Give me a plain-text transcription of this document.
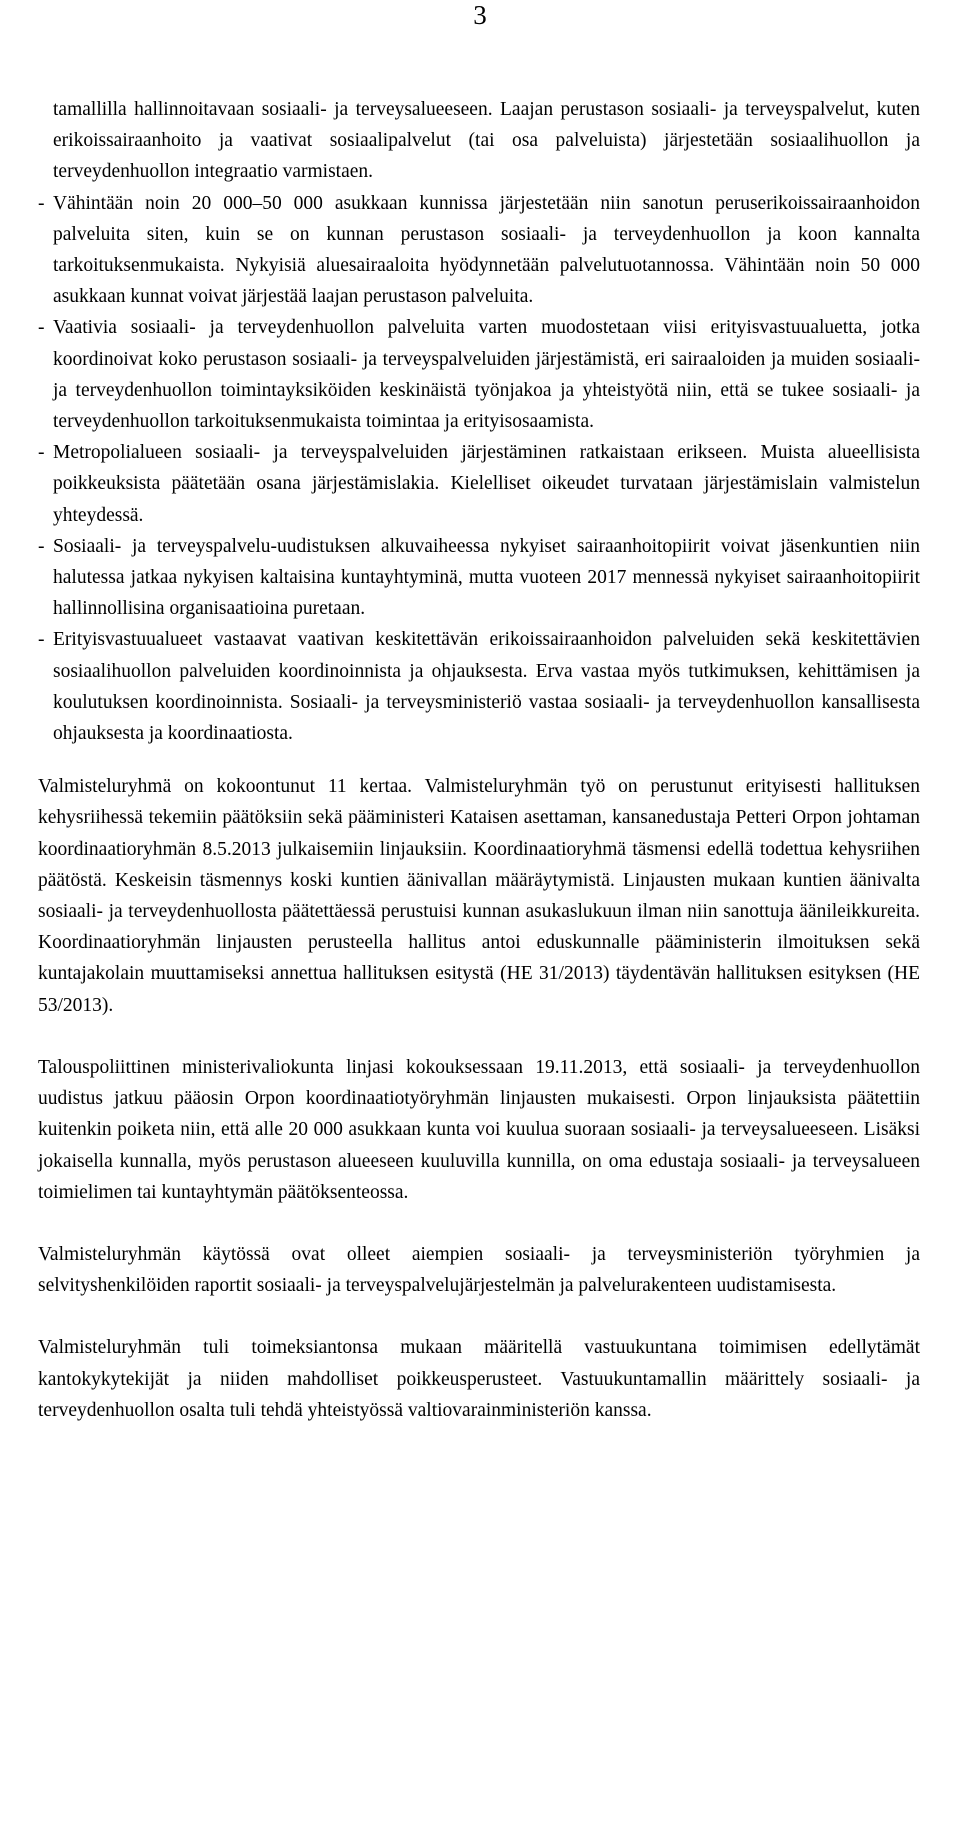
3

tamallilla hallinnoitavaan sosiaali- ja terveysalueeseen. Laajan perustason sosiaali- ja terveyspalvelut, kuten erikoissairaanhoito ja vaativat sosiaalipalvelut (tai osa palveluista) järjestetään sosiaalihuollon ja terveydenhuollon integraatio varmistaen.

- Vähintään noin 20 000–50 000 asukkaan kunnissa järjestetään niin sanotun peruserikoissairaanhoidon palveluita siten, kuin se on kunnan perustason sosiaali- ja terveydenhuollon ja koon kannalta tarkoituksenmukaista. Nykyisiä aluesairaaloita hyödynnetään palvelutuotannossa. Vähintään noin 50 000 asukkaan kunnat voivat järjestää laajan perustason palveluita.
- Vaativia sosiaali- ja terveydenhuollon palveluita varten muodostetaan viisi erityisvastuualuetta, jotka koordinoivat koko perustason sosiaali- ja terveyspalveluiden järjestämistä, eri sairaaloiden ja muiden sosiaali- ja terveydenhuollon toimintayksiköiden keskinäistä työnjakoa ja yhteistyötä niin, että se tukee sosiaali- ja terveydenhuollon tarkoituksenmukaista toimintaa ja erityisosaamista.
- Metropolialueen sosiaali- ja terveyspalveluiden järjestäminen ratkaistaan erikseen. Muista alueellisista poikkeuksista päätetään osana järjestämislakia. Kielelliset oikeudet turvataan järjestämislain valmistelun yhteydessä.
- Sosiaali- ja terveyspalvelu-uudistuksen alkuvaiheessa nykyiset sairaanhoitopiirit voivat jäsenkuntien niin halutessa jatkaa nykyisen kaltaisina kuntayhtyminä, mutta vuoteen 2017 mennessä nykyiset sairaanhoitopiirit hallinnollisina organisaatioina puretaan.
- Erityisvastuualueet vastaavat vaativan keskitettävän erikoissairaanhoidon palveluiden sekä keskitettävien sosiaalihuollon palveluiden koordinoinnista ja ohjauksesta. Erva vastaa myös tutkimuksen, kehittämisen ja koulutuksen koordinoinnista. Sosiaali- ja terveysministeriö vastaa sosiaali- ja terveydenhuollon kansallisesta ohjauksesta ja koordinaatiosta.

Valmisteluryhmä on kokoontunut 11 kertaa. Valmisteluryhmän työ on perustunut erityisesti hallituksen kehysriihessä tekemiin päätöksiin sekä pääministeri Kataisen asettaman, kansanedustaja Petteri Orpon johtaman koordinaatioryhmän 8.5.2013 julkaisemiin linjauksiin. Koordinaatioryhmä täsmensi edellä todettua kehysriihen päätöstä. Keskeisin täsmennys koski kuntien äänivallan määräytymistä. Linjausten mukaan kuntien äänivalta sosiaali- ja terveydenhuollosta päätettäessä perustuisi kunnan asukaslukuun ilman niin sanottuja äänileikkureita. Koordinaatioryhmän linjausten perusteella hallitus antoi eduskunnalle pääministerin ilmoituksen sekä kuntajakolain muuttamiseksi annettua hallituksen esitystä (HE 31/2013) täydentävän hallituksen esityksen (HE 53/2013).

Talouspoliittinen ministerivaliokunta linjasi kokouksessaan 19.11.2013, että sosiaali- ja terveydenhuollon uudistus jatkuu pääosin Orpon koordinaatiotyöryhmän linjausten mukaisesti. Orpon linjauksista päätettiin kuitenkin poiketa niin, että alle 20 000 asukkaan kunta voi kuulua suoraan sosiaali- ja terveysalueeseen. Lisäksi jokaisella kunnalla, myös perustason alueeseen kuuluvilla kunnilla, on oma edustaja sosiaali- ja terveysalueen toimielimen tai kuntayhtymän päätöksenteossa.

Valmisteluryhmän käytössä ovat olleet aiempien sosiaali- ja terveysministeriön työryhmien ja selvityshenkilöiden raportit sosiaali- ja terveyspalvelujärjestelmän ja palvelurakenteen uudistamisesta.

Valmisteluryhmän tuli toimeksiantonsa mukaan määritellä vastuukuntana toimimisen edellytämät kantokykytekijät ja niiden mahdolliset poikkeusperusteet. Vastuukuntamallin määrittely sosiaali- ja terveydenhuollon osalta tuli tehdä yhteistyössä valtiovarainministeriön kanssa.
